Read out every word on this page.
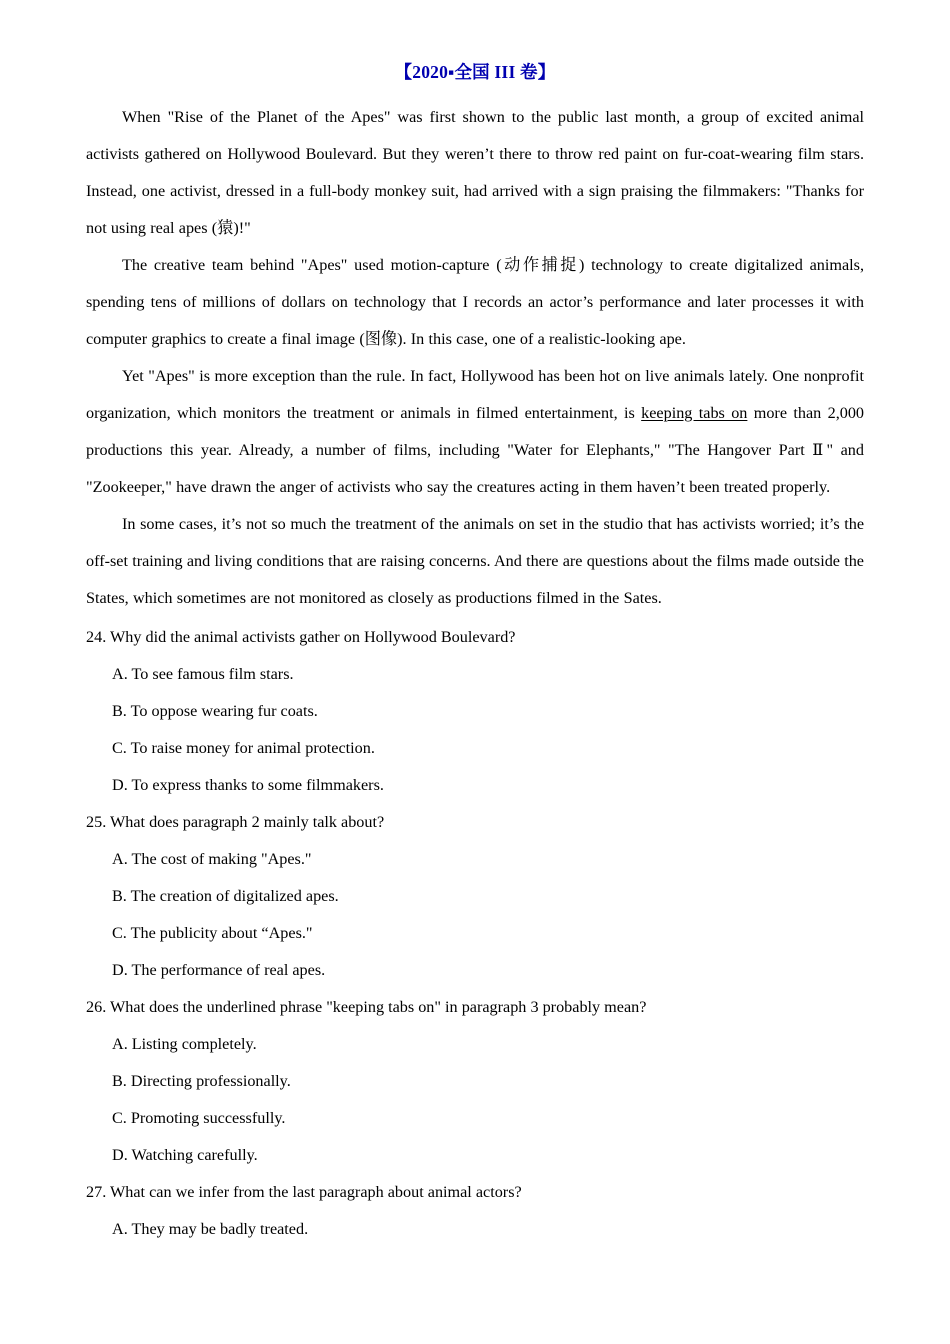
【2020▪全国 III 卷】

When "Rise of the Planet of the Apes" was first shown to the public last month, a group of excited animal activists gathered on Hollywood Boulevard. But they weren’t there to throw red paint on fur-coat-wearing film stars. Instead, one activist, dressed in a full-body monkey suit, had arrived with a sign praising the filmmakers: "Thanks for not using real apes (猿)!"

The creative team behind "Apes" used motion-capture (动作捕捉) technology to create digitalized animals, spending tens of millions of dollars on technology that I records an actor’s performance and later processes it with computer graphics to create a final image (图像). In this case, one of a realistic-looking ape.

Yet "Apes" is more exception than the rule. In fact, Hollywood has been hot on live animals lately. One nonprofit organization, which monitors the treatment or animals in filmed entertainment, is keeping tabs on more than 2,000 productions this year. Already, a number of films, including "Water for Elephants," "The Hangover Part Ⅱ" and "Zookeeper," have drawn the anger of activists who say the creatures acting in them haven’t been treated properly.

In some cases, it’s not so much the treatment of the animals on set in the studio that has activists worried; it’s the off-set training and living conditions that are raising concerns. And there are questions about the films made outside the States, which sometimes are not monitored as closely as productions filmed in the Sates.

24. Why did the animal activists gather on Hollywood Boulevard?

A. To see famous film stars.

B. To oppose wearing fur coats.

C. To raise money for animal protection.

D. To express thanks to some filmmakers.

25. What does paragraph 2 mainly talk about?

A. The cost of making "Apes."

B. The creation of digitalized apes.

C. The publicity about “Apes."

D. The performance of real apes.

26. What does the underlined phrase "keeping tabs on" in paragraph 3 probably mean?

A. Listing completely.

B. Directing professionally.

C. Promoting successfully.

D. Watching carefully.

27. What can we infer from the last paragraph about animal actors?

A. They may be badly treated.
